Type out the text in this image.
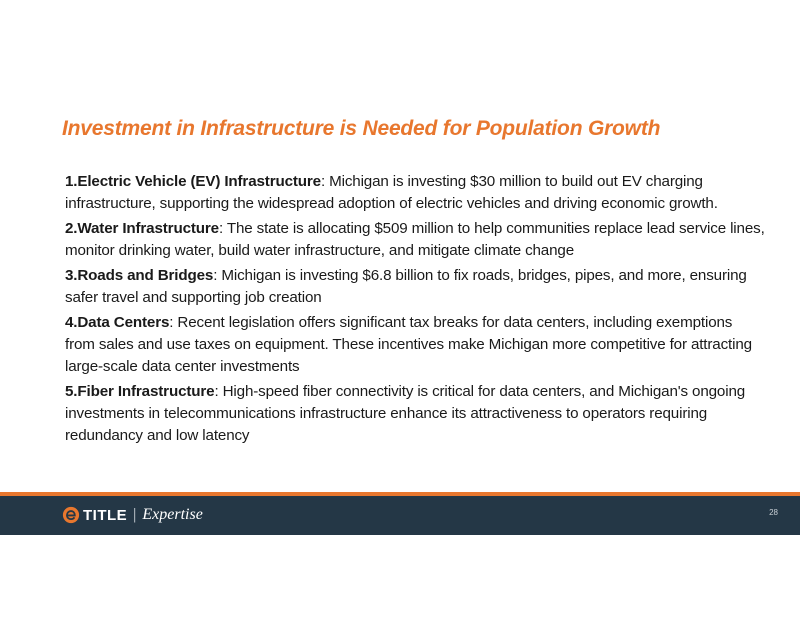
Investment in Infrastructure is Needed for Population Growth
1.Electric Vehicle (EV) Infrastructure: Michigan is investing $30 million to build out EV charging infrastructure, supporting the widespread adoption of electric vehicles and driving economic growth.
2.Water Infrastructure: The state is allocating $509 million to help communities replace lead service lines, monitor drinking water, build water infrastructure, and mitigate climate change
3.Roads and Bridges: Michigan is investing $6.8 billion to fix roads, bridges, pipes, and more, ensuring safer travel and supporting job creation
4.Data Centers: Recent legislation offers significant tax breaks for data centers, including exemptions from sales and use taxes on equipment. These incentives make Michigan more competitive for attracting large-scale data center investments
5.Fiber Infrastructure: High-speed fiber connectivity is critical for data centers, and Michigan's ongoing investments in telecommunications infrastructure enhance its attractiveness to operators requiring redundancy and low latency
TITLE | Expertise	28
